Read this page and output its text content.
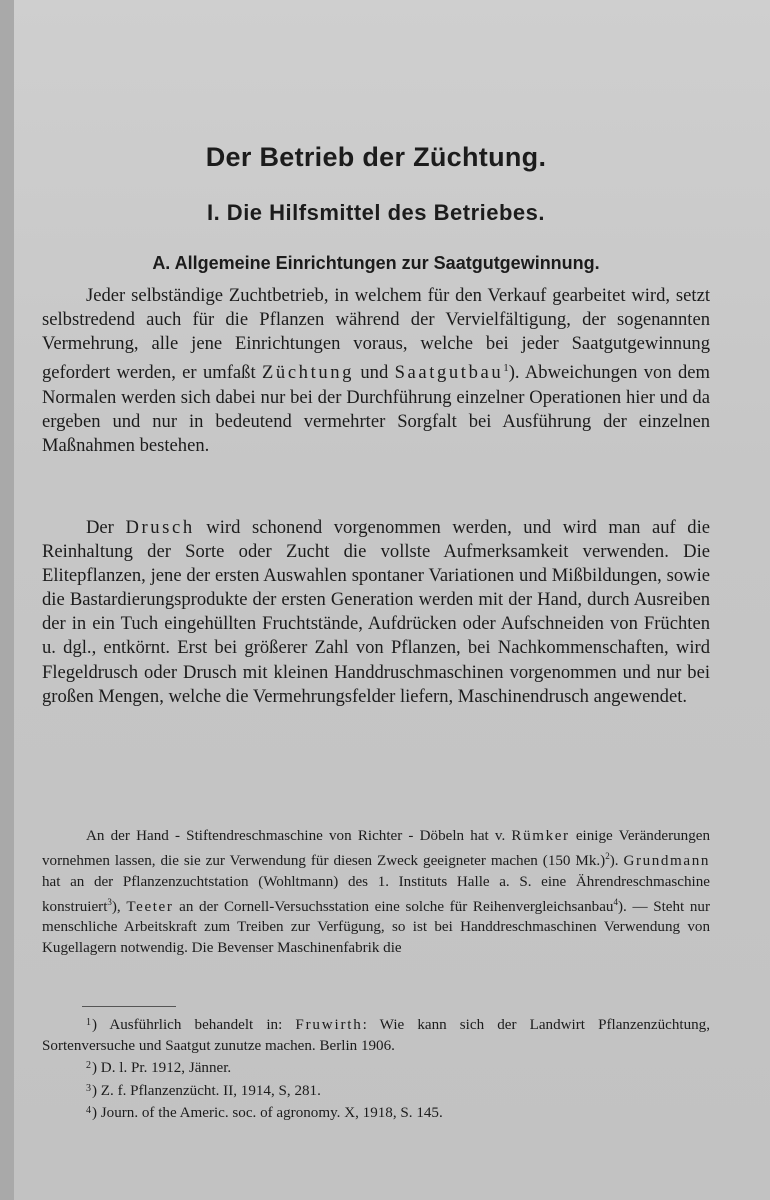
Der Betrieb der Züchtung.
I. Die Hilfsmittel des Betriebes.
A. Allgemeine Einrichtungen zur Saatgutgewinnung.

Jeder selbständige Zuchtbetrieb, in welchem für den Verkauf gearbeitet wird, setzt selbstredend auch für die Pflanzen während der Vervielfältigung, der sogenannten Vermehrung, alle jene Einrichtungen voraus, welche bei jeder Saatgutgewinnung gefordert werden, er umfaßt Züchtung und Saatgutbau$^1$). Abweichungen von dem Normalen werden sich dabei nur bei der Durchführung einzelner Operationen hier und da ergeben und nur in bedeutend vermehrter Sorgfalt bei Ausführung der einzelnen Maßnahmen bestehen.

Der Drusch wird schonend vorgenommen werden, und wird man auf die Reinhaltung der Sorte oder Zucht die vollste Aufmerksamkeit verwenden. Die Elitepflanzen, jene der ersten Auswahlen spontaner Variationen und Mißbildungen, sowie die Bastardierungsprodukte der ersten Generation werden mit der Hand, durch Ausreiben der in ein Tuch eingehüllten Fruchtstände, Aufdrücken oder Aufschneiden von Früchten u. dgl., entkörnt. Erst bei größerer Zahl von Pflanzen, bei Nachkommenschaften, wird Flegeldrusch oder Drusch mit kleinen Handdruschmaschinen vorgenommen und nur bei großen Mengen, welche die Vermehrungsfelder liefern, Maschinendrusch angewendet.

An der Hand - Stiftendreschmaschine von Richter - Döbeln hat v. Rümker einige Veränderungen vornehmen lassen, die sie zur Verwendung für diesen Zweck geeigneter machen (150 Mk.)$^2$). Grundmann hat an der Pflanzenzuchtstation (Wohltmann) des 1. Instituts Halle a. S. eine Ährendreschmaschine konstruiert$^3$), Teeter an der Cornell-Versuchsstation eine solche für Reihenvergleichsanbau$^4$). — Steht nur menschliche Arbeitskraft zum Treiben zur Verfügung, so ist bei Handdreschmaschinen Verwendung von Kugellagern notwendig. Die Bevenser Maschinenfabrik die

$^1$) Ausführlich behandelt in: Fruwirth: Wie kann sich der Landwirt Pflanzenzüchtung, Sortenversuche und Saatgut zunutze machen. Berlin 1906.

$^2$) D. l. Pr. 1912, Jänner.

$^3$) Z. f. Pflanzenzücht. II, 1914, S, 281.

$^4$) Journ. of the Americ. soc. of agronomy. X, 1918, S. 145.
